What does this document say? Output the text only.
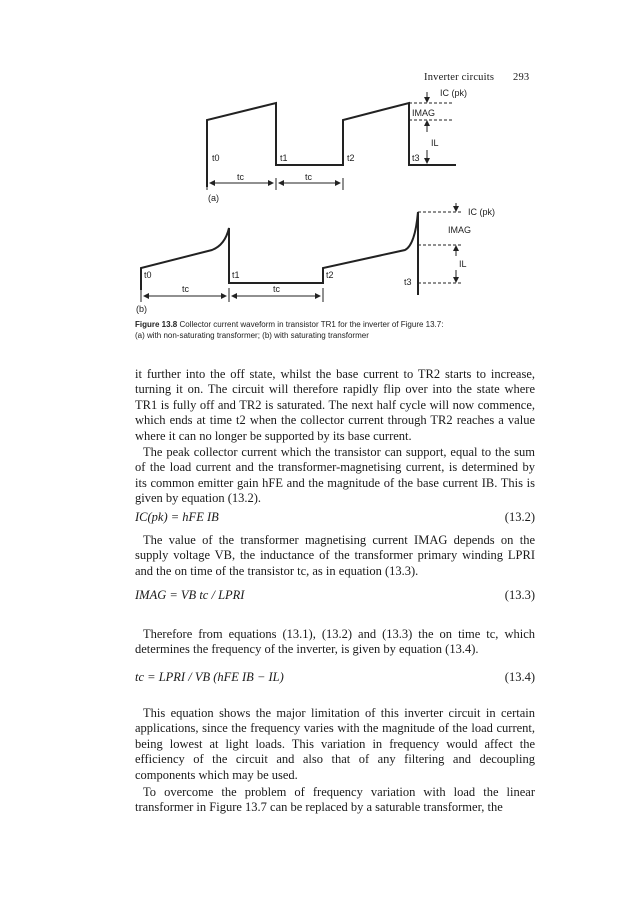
Inverter circuits 293
t0	t1	t2	t3
tc	tc
(a)
IC (pk)
IMAG
IL
t0	t1	t2
t3
tc	tc
(b)
IC (pk)
IMAG
IL
Figure 13.8 Collector current waveform in transistor TR1 for the inverter of Figure 13.7:
(a) with non-saturating transformer; (b) with saturating transformer
it further into the off state, whilst the base current to TR2 starts to increase, turning it on. The circuit will therefore rapidly flip over into the state where TR1 is fully off and TR2 is saturated. The next half cycle will now commence, which ends at time t2 when the collector current through TR2 reaches a value where it can no longer be supported by its base current.
The peak collector current which the transistor can support, equal to the sum of the load current and the transformer-magnetising current, is determined by its common emitter gain hFE and the magnitude of the base current IB. This is given by equation (13.2).
IC(pk) = hFE IB	(13.2)
The value of the transformer magnetising current IMAG depends on the supply voltage VB, the inductance of the transformer primary winding LPRI and the on time of the transistor tc, as in equation (13.3).
IMAG = VB tc / LPRI	(13.3)
Therefore from equations (13.1), (13.2) and (13.3) the on time tc, which determines the frequency of the inverter, is given by equation (13.4).
tc = LPRI / VB (hFE IB − IL)	(13.4)
This equation shows the major limitation of this inverter circuit in certain applications, since the frequency varies with the magnitude of the load current, being lowest at light loads. This variation in frequency would affect the efficiency of the circuit and also that of any filtering and decoupling components which may be used.
To overcome the problem of frequency variation with load the linear transformer in Figure 13.7 can be replaced by a saturable transformer, the
